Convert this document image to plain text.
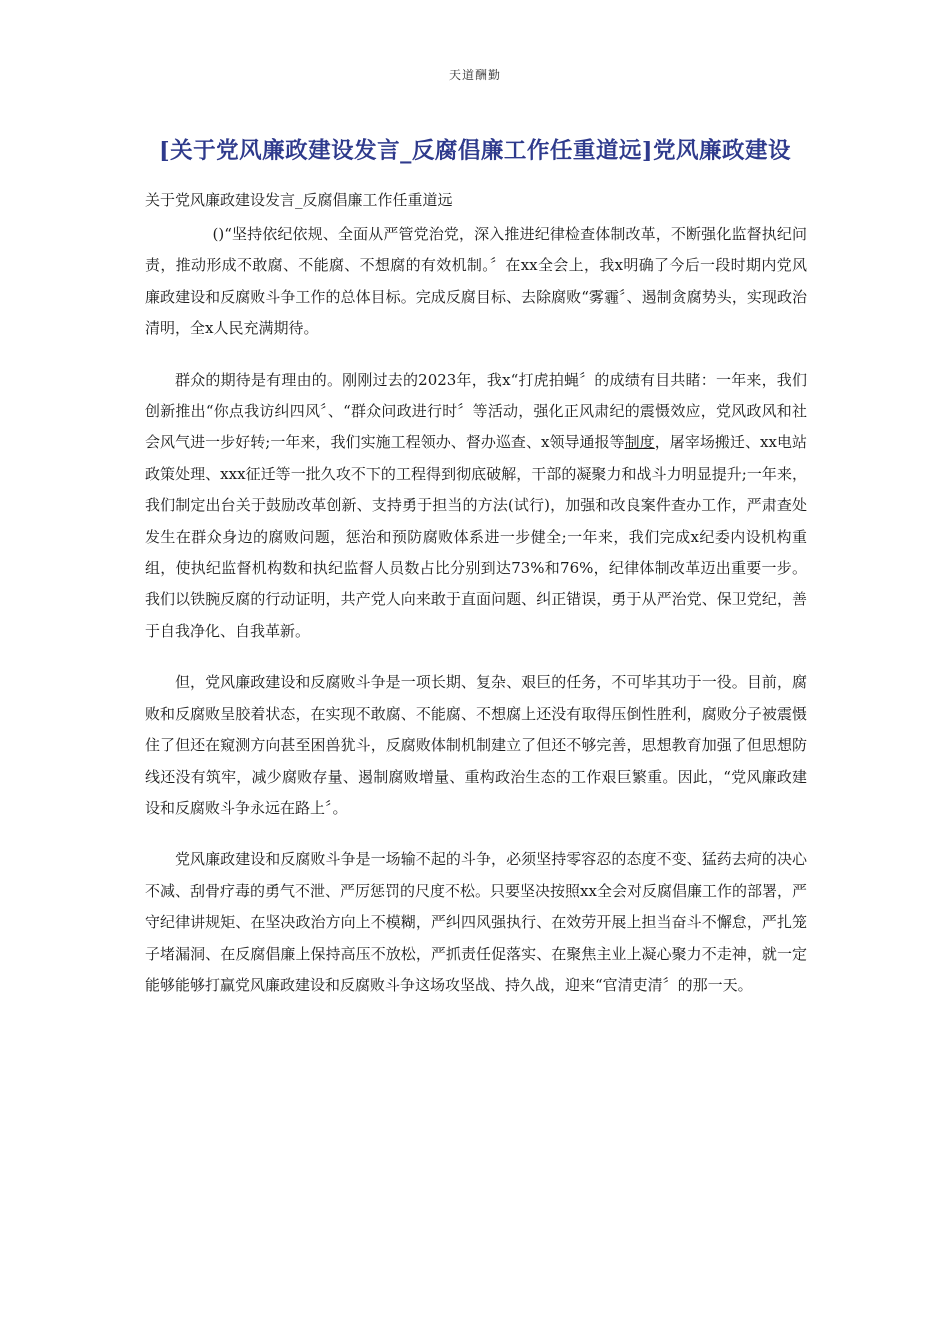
天道酬勤
[关于党风廉政建设发言_反腐倡廉工作任重道远]党风廉政建设
关于党风廉政建设发言_反腐倡廉工作任重道远

()“坚持依纪依规、全面从严管党治党，深入推进纪律检查体制改革，不断强化监督执纪问责，推动形成不敢腐、不能腐、不想腐的有效机制。〞在xx全会上，我x明确了今后一段时期内党风廉政建设和反腐败斗争工作的总体目标。完成反腐目标、去除腐败“雾霾〞、遏制贪腐势头，实现政治清明，全x人民充满期待。

群众的期待是有理由的。刚刚过去的2023年，我x“打虎拍蝇〞的成绩有目共睹：一年来，我们创新推出“你点我访纠四风〞、“群众问政进行时〞等活动，强化正风肃纪的震慑效应，党风政风和社会风气进一步好转;一年来，我们实施工程领办、督办巡查、x领导通报等制度，屠宰场搬迁、xx电站政策处理、xxx征迁等一批久攻不下的工程得到彻底破解，干部的凝聚力和战斗力明显提升;一年来，我们制定出台关于鼓励改革创新、支持勇于担当的方法(试行)，加强和改良案件查办工作，严肃查处发生在群众身边的腐败问题，惩治和预防腐败体系进一步健全;一年来，我们完成x纪委内设机构重组，使执纪监督机构数和执纪监督人员数占比分别到达73%和76%，纪律体制改革迈出重要一步。我们以铁腕反腐的行动证明，共产党人向来敢于直面问题、纠正错误，勇于从严治党、保卫党纪，善于自我净化、自我革新。

但，党风廉政建设和反腐败斗争是一项长期、复杂、艰巨的任务，不可毕其功于一役。目前，腐败和反腐败呈胶着状态，在实现不敢腐、不能腐、不想腐上还没有取得压倒性胜利，腐败分子被震慑住了但还在窥测方向甚至困兽犹斗，反腐败体制机制建立了但还不够完善，思想教育加强了但思想防线还没有筑牢，减少腐败存量、遏制腐败增量、重构政治生态的工作艰巨繁重。因此，“党风廉政建设和反腐败斗争永远在路上〞。

党风廉政建设和反腐败斗争是一场输不起的斗争，必须坚持零容忍的态度不变、猛药去疴的决心不减、刮骨疗毒的勇气不泄、严厉惩罚的尺度不松。只要坚决按照xx全会对反腐倡廉工作的部署，严守纪律讲规矩、在坚决政治方向上不模糊，严纠四风强执行、在效劳开展上担当奋斗不懈怠，严扎笼子堵漏洞、在反腐倡廉上保持高压不放松，严抓责任促落实、在聚焦主业上凝心聚力不走神，就一定能够能够打赢党风廉政建设和反腐败斗争这场攻坚战、持久战，迎来“官清吏清〞的那一天。
